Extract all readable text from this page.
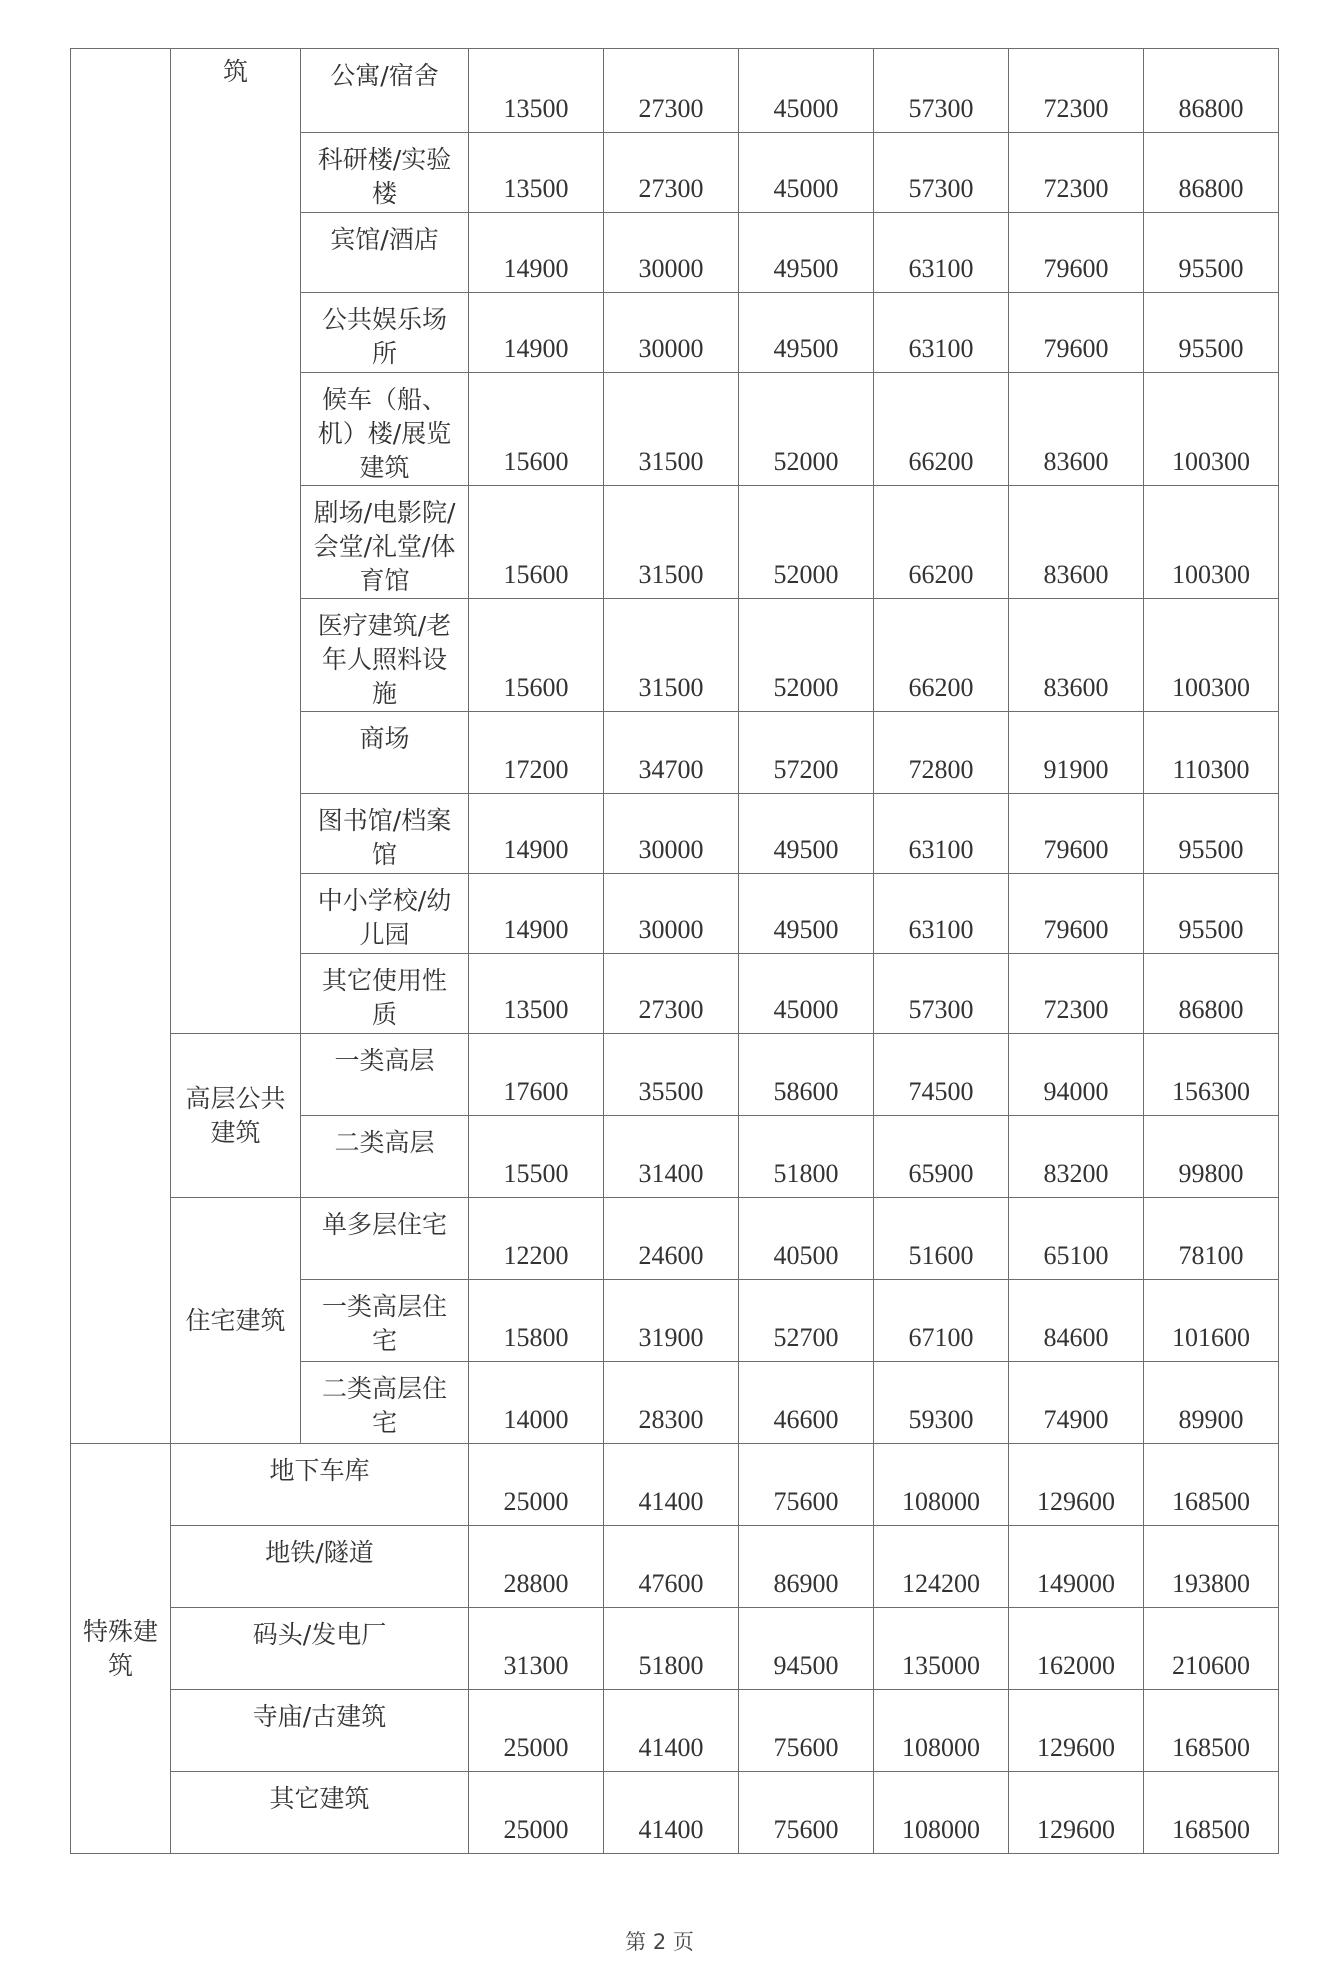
	筑	公寓/宿舍	13500	27300	45000	57300	72300	86800
		科研楼/实验楼	13500	27300	45000	57300	72300	86800
		宾馆/酒店	14900	30000	49500	63100	79600	95500
		公共娱乐场所	14900	30000	49500	63100	79600	95500
		候车（船、机）楼/展览建筑	15600	31500	52000	66200	83600	100300
		剧场/电影院/会堂/礼堂/体育馆	15600	31500	52000	66200	83600	100300
		医疗建筑/老年人照料设施	15600	31500	52000	66200	83600	100300
		商场	17200	34700	57200	72800	91900	110300
		图书馆/档案馆	14900	30000	49500	63100	79600	95500
		中小学校/幼儿园	14900	30000	49500	63100	79600	95500
		其它使用性质	13500	27300	45000	57300	72300	86800
	高层公共建筑	一类高层	17600	35500	58600	74500	94000	156300
		二类高层	15500	31400	51800	65900	83200	99800
	住宅建筑	单多层住宅	12200	24600	40500	51600	65100	78100
		一类高层住宅	15800	31900	52700	67100	84600	101600
		二类高层住宅	14000	28300	46600	59300	74900	89900
特殊建筑	地下车库		25000	41400	75600	108000	129600	168500
	地铁/隧道		28800	47600	86900	124200	149000	193800
	码头/发电厂		31300	51800	94500	135000	162000	210600
	寺庙/古建筑		25000	41400	75600	108000	129600	168500
	其它建筑		25000	41400	75600	108000	129600	168500
第 2 页
